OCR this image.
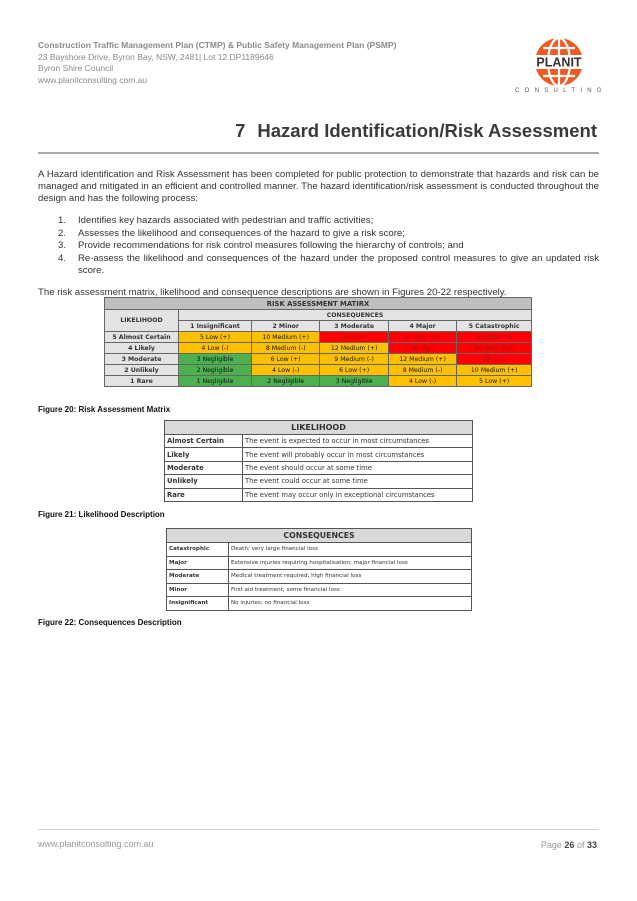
Construction Traffic Management Plan (CTMP) & Public Safety Management Plan (PSMP)
23 Bayshore Drive, Byron Bay, NSW, 2481| Lot 12 DP1189646
Byron Shire Council
www.planitconsulting.com.au
PLANIT
CONSULTING
7 Hazard Identification/Risk Assessment
A Hazard identification and Risk Assessment has been completed for public protection to demonstrate that hazards and risk can be managed and mitigated in an efficient and controlled manner. The hazard identification/risk assessment is conducted throughout the design and has the following process:
1. Identifies key hazards associated with pedestrian and traffic activities;
2. Assesses the likelihood and consequences of the hazard to give a risk score;
3. Provide recommendations for risk control measures following the hierarchy of controls; and
4. Re-assess the likelihood and consequences of the hazard under the proposed control measures to give an updated risk score.
The risk assessment matrix, likelihood and consequence descriptions are shown in Figures 20-22 respectively.
RISK ASSESSMENT MATIRX					
LIKELIHOOD	CONSEQUENCES				
	1 Insignificant	2 Minor	3 Moderate	4 Major	5 Catastrophic
5 Almost Certain	5 Low (+)	10 Medium (+)	15 High	20 Very High	25 Extreme
4 Likely	4 Low (-)	8 Medium (-)	12 Medium (+)	16 High	20 Very High
3 Moderate	3 Negligible	6 Low (+)	9 Medium (-)	12 Medium (+)	15 High
2 Unlikely	2 Negligible	4 Low (-)	6 Low (+)	8 Medium (-)	10 Medium (+)
1 Rare	1 Negligible	2 Negligible	3 Negligible	4 Low (-)	5 Low (+)
Figure 20: Risk Assessment Matrix
LIKELIHOOD	
Almost Certain	The event is expected to occur in most circumstances
Likely	The event will probably occur in most circumstances
Moderate	The event should occur at some time
Unlikely	The event could occur at some time
Rare	The event may occur only in exceptional circumstances
Figure 21: Likelihood Description
CONSEQUENCES	
Catastrophic	Death; very large financial loss
Major	Extensive injuries requiring hospitalisation; major financial loss
Moderate	Medical treatment required; high financial loss
Minor	First aid treatment; some financial loss
Insignificant	No injuries; no financial loss
Figure 22: Consequences Description
www.planitconsulting.com.au	Page 26 of 33
